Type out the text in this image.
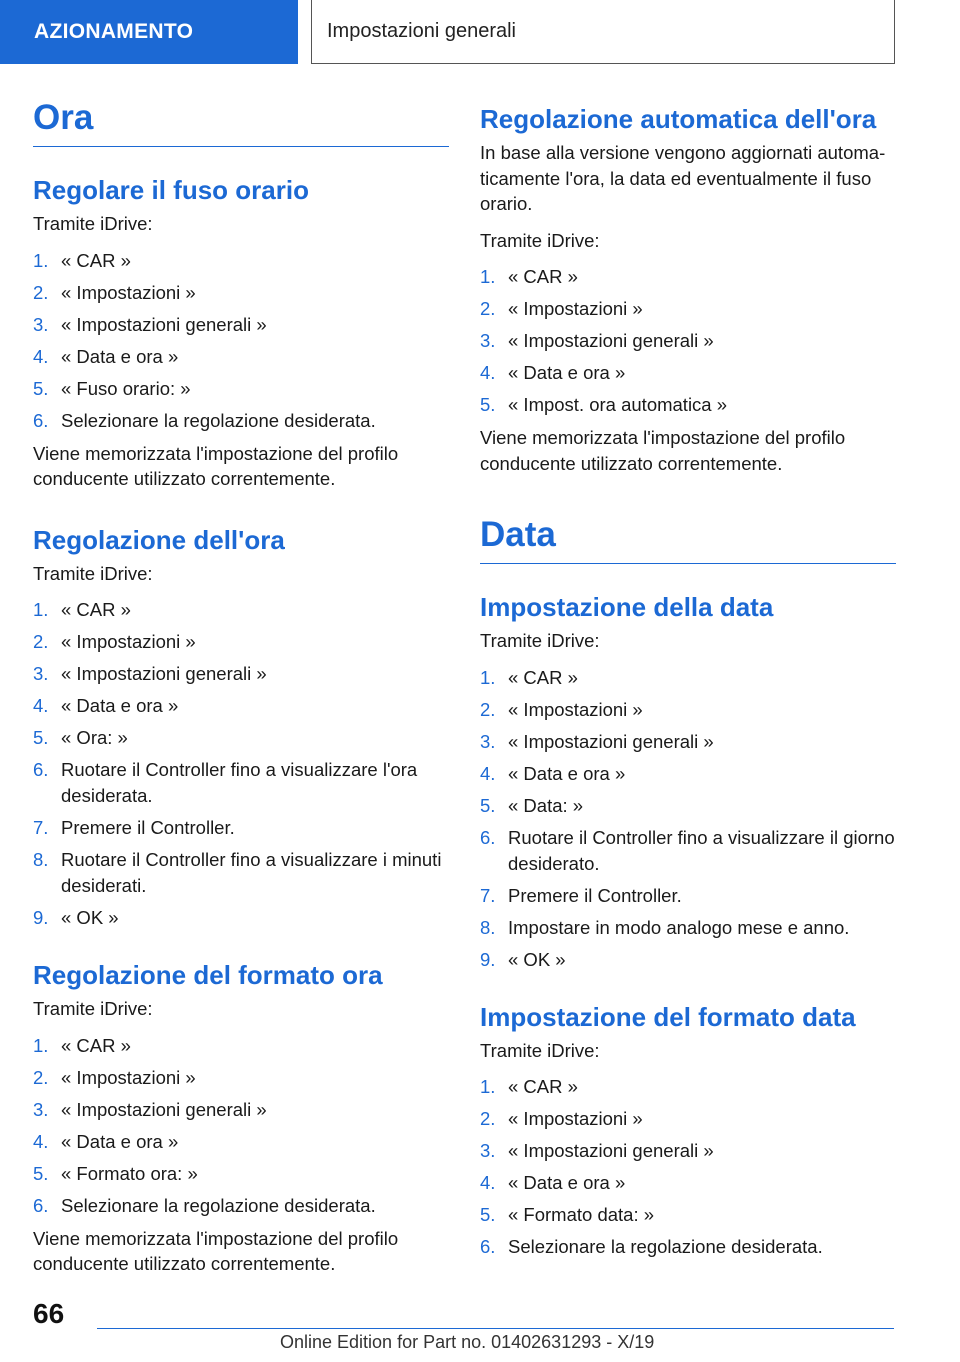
AZIONAMENTO	Impostazioni generali
Ora
Regolare il fuso orario
Tramite iDrive:
1. « CAR »
2. « Impostazioni »
3. « Impostazioni generali »
4. « Data e ora »
5. « Fuso orario: »
6. Selezionare la regolazione desiderata.
Viene memorizzata l'impostazione del profilo conducente utilizzato correntemente.
Regolazione dell'ora
Tramite iDrive:
1. « CAR »
2. « Impostazioni »
3. « Impostazioni generali »
4. « Data e ora »
5. « Ora: »
6. Ruotare il Controller fino a visualizzare l'ora desiderata.
7. Premere il Controller.
8. Ruotare il Controller fino a visualizzare i minuti desiderati.
9. « OK »
Regolazione del formato ora
Tramite iDrive:
1. « CAR »
2. « Impostazioni »
3. « Impostazioni generali »
4. « Data e ora »
5. « Formato ora: »
6. Selezionare la regolazione desiderata.
Viene memorizzata l'impostazione del profilo conducente utilizzato correntemente.
Regolazione automatica dell'ora
In base alla versione vengono aggiornati automaticamente l'ora, la data ed eventualmente il fuso orario.
Tramite iDrive:
1. « CAR »
2. « Impostazioni »
3. « Impostazioni generali »
4. « Data e ora »
5. « Impost. ora automatica »
Viene memorizzata l'impostazione del profilo conducente utilizzato correntemente.
Data
Impostazione della data
Tramite iDrive:
1. « CAR »
2. « Impostazioni »
3. « Impostazioni generali »
4. « Data e ora »
5. « Data: »
6. Ruotare il Controller fino a visualizzare il giorno desiderato.
7. Premere il Controller.
8. Impostare in modo analogo mese e anno.
9. « OK »
Impostazione del formato data
Tramite iDrive:
1. « CAR »
2. « Impostazioni »
3. « Impostazioni generali »
4. « Data e ora »
5. « Formato data: »
6. Selezionare la regolazione desiderata.
66
Online Edition for Part no. 01402631293 - X/19
